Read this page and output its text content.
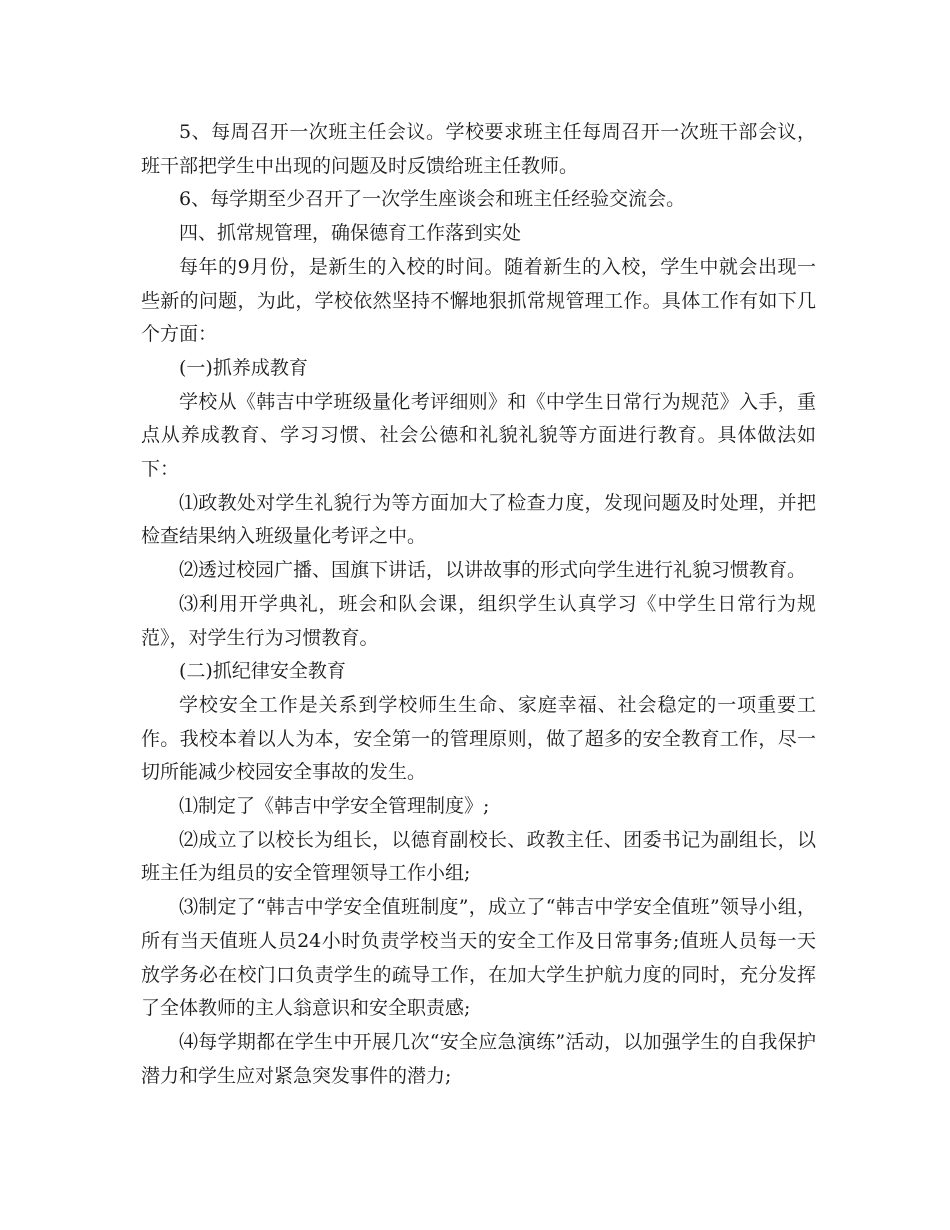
5、每周召开一次班主任会议。学校要求班主任每周召开一次班干部会议，班干部把学生中出现的问题及时反馈给班主任教师。

6、每学期至少召开了一次学生座谈会和班主任经验交流会。

四、抓常规管理，确保德育工作落到实处

每年的9月份，是新生的入校的时间。随着新生的入校，学生中就会出现一些新的问题，为此，学校依然坚持不懈地狠抓常规管理工作。具体工作有如下几个方面：

(一)抓养成教育

学校从《韩吉中学班级量化考评细则》和《中学生日常行为规范》入手，重点从养成教育、学习习惯、社会公德和礼貌礼貌等方面进行教育。具体做法如下：

⑴政教处对学生礼貌行为等方面加大了检查力度，发现问题及时处理，并把检查结果纳入班级量化考评之中。

⑵透过校园广播、国旗下讲话，以讲故事的形式向学生进行礼貌习惯教育。

⑶利用开学典礼，班会和队会课，组织学生认真学习《中学生日常行为规范》，对学生行为习惯教育。

(二)抓纪律安全教育

学校安全工作是关系到学校师生生命、家庭幸福、社会稳定的一项重要工作。我校本着以人为本，安全第一的管理原则，做了超多的安全教育工作，尽一切所能减少校园安全事故的发生。

⑴制定了《韩吉中学安全管理制度》;

⑵成立了以校长为组长，以德育副校长、政教主任、团委书记为副组长，以班主任为组员的安全管理领导工作小组;

⑶制定了“韩吉中学安全值班制度”，成立了“韩吉中学安全值班”领导小组，所有当天值班人员24小时负责学校当天的安全工作及日常事务;值班人员每一天放学务必在校门口负责学生的疏导工作，在加大学生护航力度的同时，充分发挥了全体教师的主人翁意识和安全职责感;

⑷每学期都在学生中开展几次“安全应急演练”活动，以加强学生的自我保护潜力和学生应对紧急突发事件的潜力;
